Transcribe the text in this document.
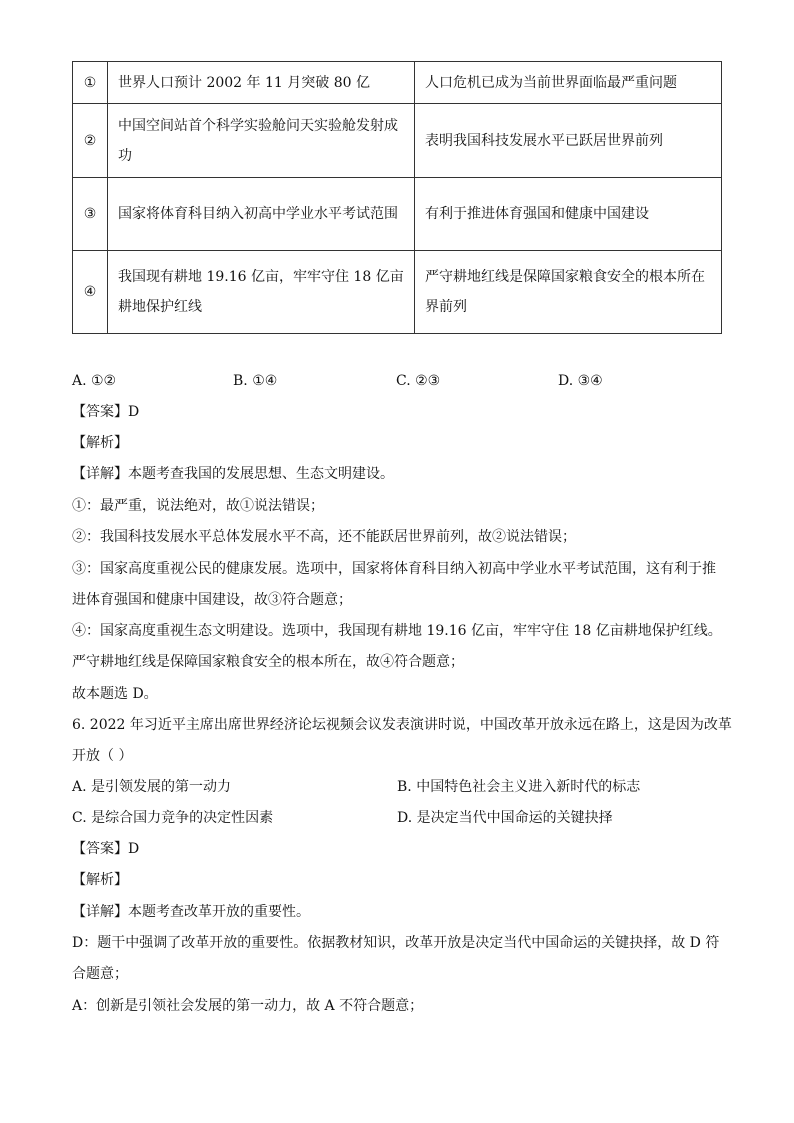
①	世界人口预计 2002 年 11 月突破 80 亿	人口危机已成为当前世界面临最严重问题
②	中国空间站首个科学实验舱问天实验舱发射成功	表明我国科技发展水平已跃居世界前列
③	国家将体育科目纳入初高中学业水平考试范围	有利于推进体育强国和健康中国建设
④	我国现有耕地 19.16 亿亩，牢牢守住 18 亿亩耕地保护红线	严守耕地红线是保障国家粮食安全的根本所在界前列
A. ①②	B. ①④	C. ②③	D. ③④
【答案】D
【解析】
【详解】本题考查我国的发展思想、生态文明建设。
①：最严重，说法绝对，故①说法错误；
②：我国科技发展水平总体发展水平不高，还不能跃居世界前列，故②说法错误；
③：国家高度重视公民的健康发展。选项中，国家将体育科目纳入初高中学业水平考试范围，这有利于推
进体育强国和健康中国建设，故③符合题意；
④：国家高度重视生态文明建设。选项中，我国现有耕地 19.16 亿亩，牢牢守住 18 亿亩耕地保护红线。
严守耕地红线是保障国家粮食安全的根本所在，故④符合题意；
故本题选 D。
6. 2022 年习近平主席出席世界经济论坛视频会议发表演讲时说，中国改革开放永远在路上，这是因为改革
开放（ ）
A. 是引领发展的第一动力	B. 中国特色社会主义进入新时代的标志
C. 是综合国力竞争的决定性因素	D. 是决定当代中国命运的关键抉择
【答案】D
【解析】
【详解】本题考查改革开放的重要性。
D：题干中强调了改革开放的重要性。依据教材知识，改革开放是决定当代中国命运的关键抉择，故 D 符
合题意；
A：创新是引领社会发展的第一动力，故 A 不符合题意；
